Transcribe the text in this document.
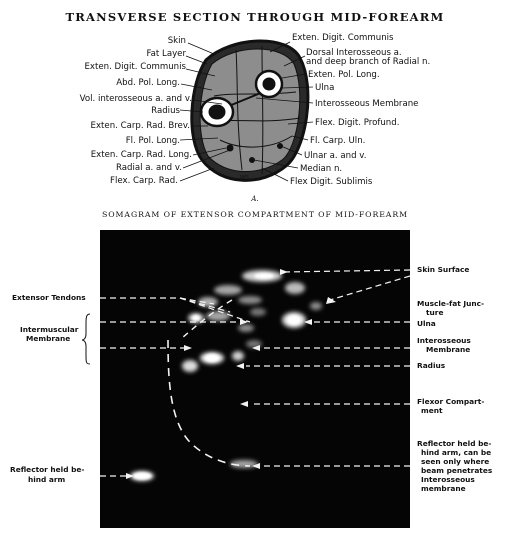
TRANSVERSE SECTION THROUGH MID-FOREARM
WS
Skin
Fat Layer
Exten. Digit. Communis
Abd. Pol. Long.
Vol. interosseous a. and v.
Radius
Exten. Carp. Rad. Brev.
Fl. Pol. Long.
Exten. Carp. Rad. Long.
Radial a. and v.
Flex. Carp. Rad.
Exten. Digit. Communis
Dorsal Interosseous a.
and deep branch of Radial n.
Exten. Pol. Long.
Ulna
Interosseous Membrane
Flex. Digit. Profund.
Fl. Carp. Uln.
Ulnar a. and v.
Median n.
Flex Digit. Sublimis
A.
SOMAGRAM OF EXTENSOR COMPARTMENT OF MID-FOREARM
Extensor Tendons
Intermuscular
Membrane
Reflector held be-
hind arm
Skin Surface
Muscle-fat Junc-
ture
Ulna
Interosseous
Membrane
Radius
Flexor Compart-
ment
Reflector held be-
hind arm, can be
seen only where
beam penetrates
Interosseous
membrane
